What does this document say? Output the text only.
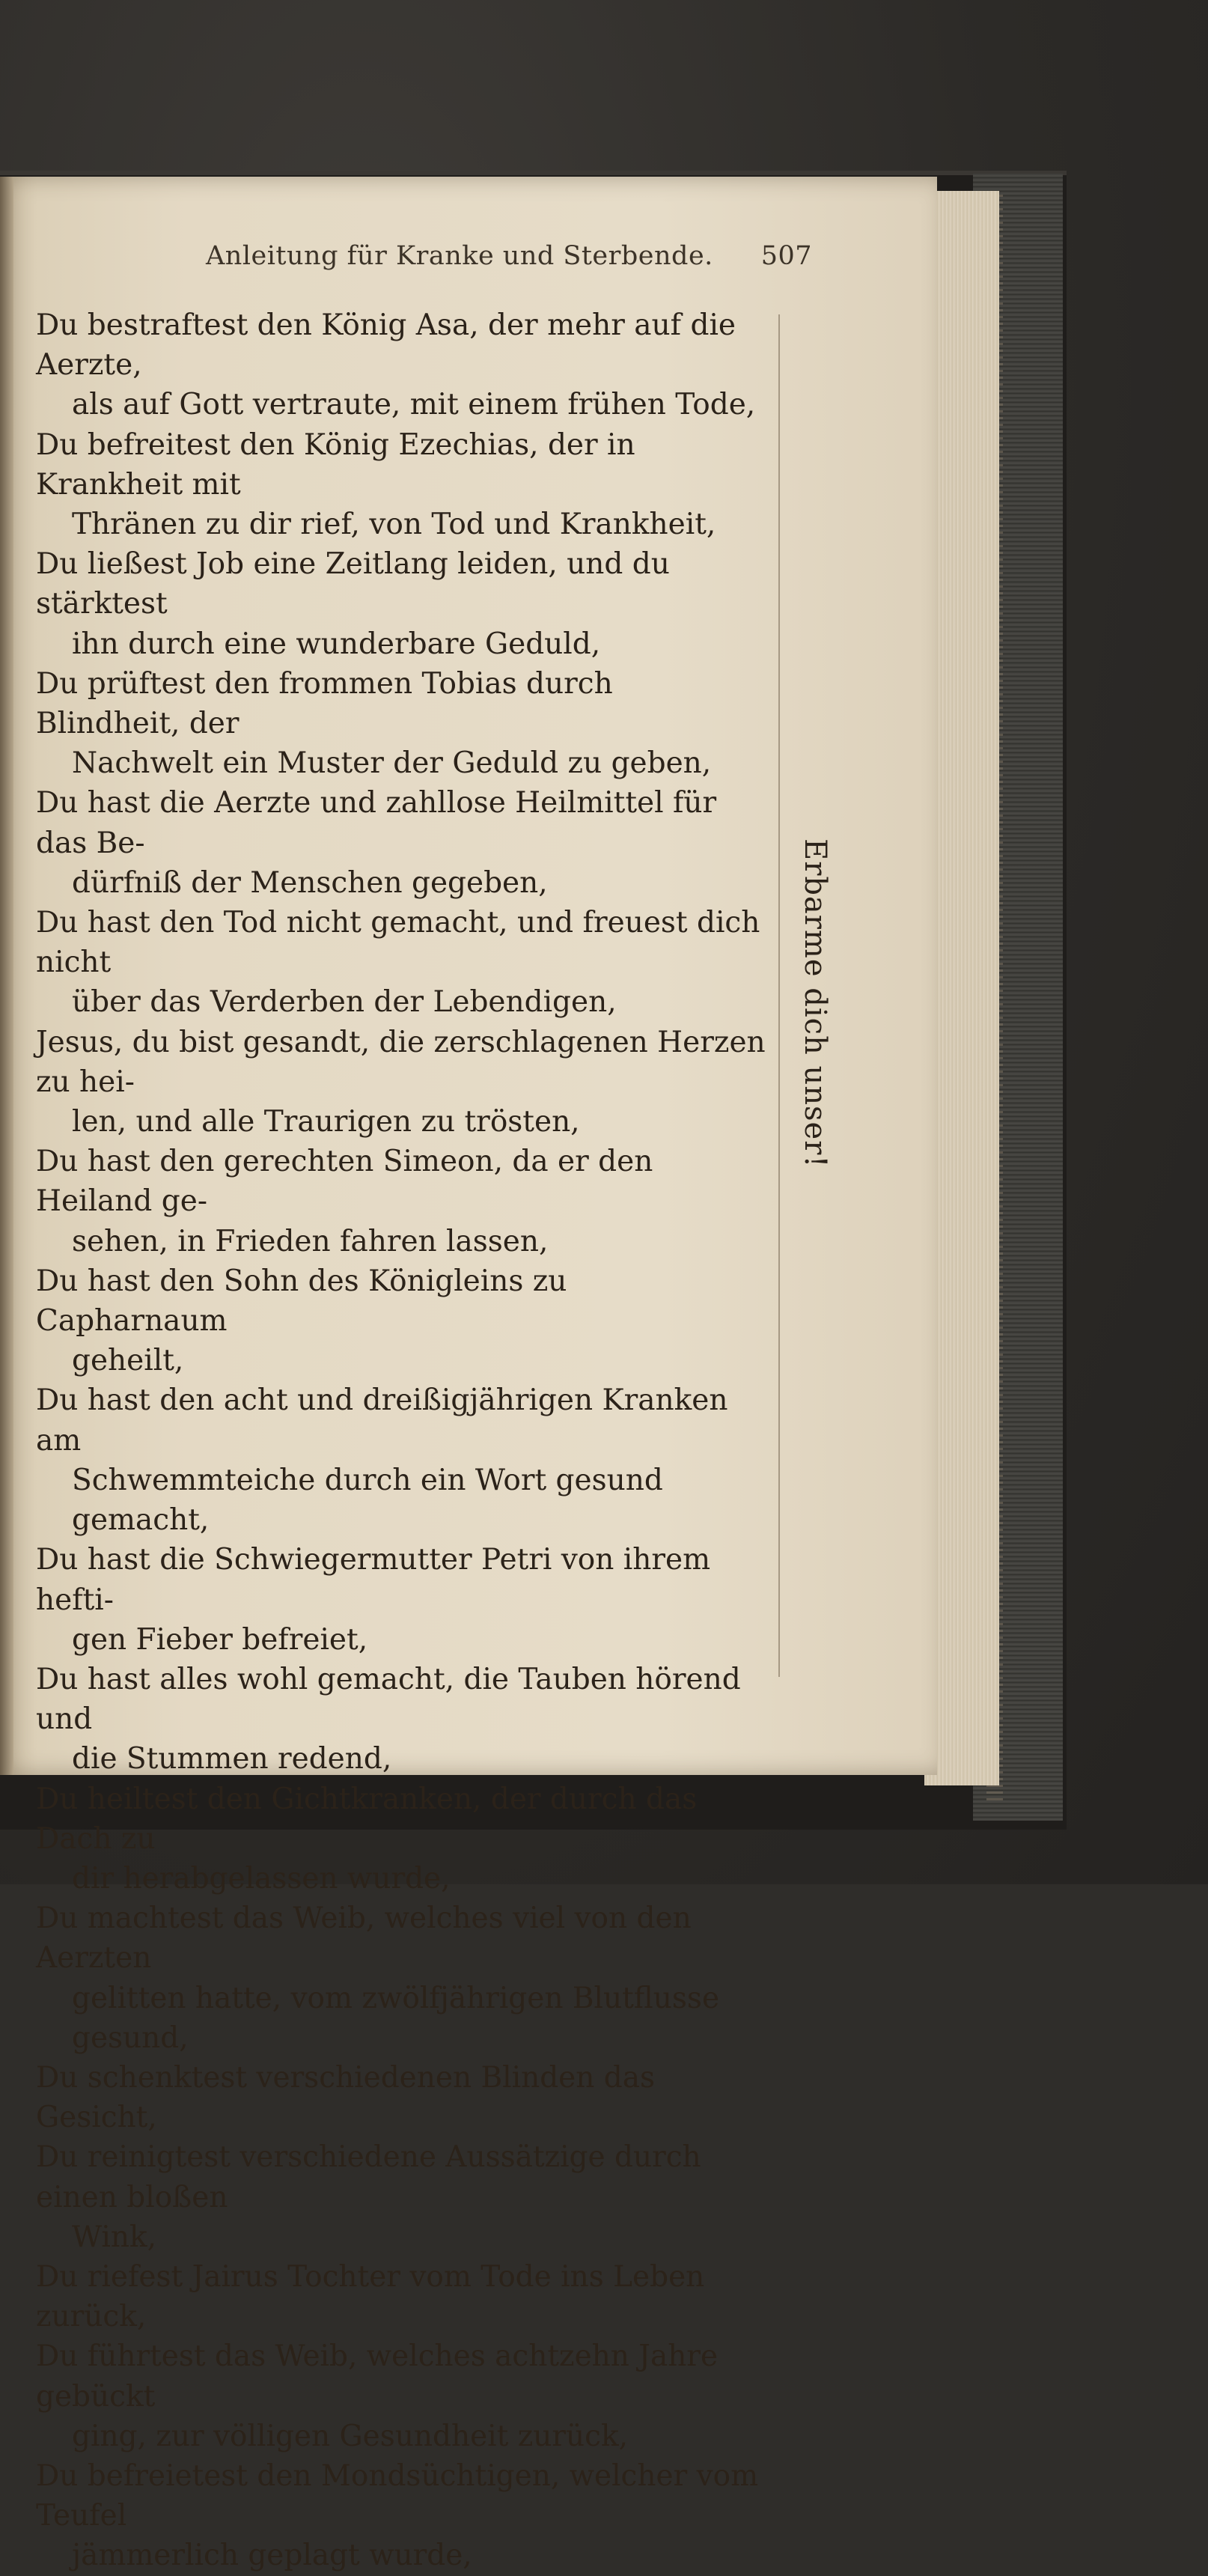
Anleitung für Kranke und Sterbende. 507

Du bestraftest den König Asa, der mehr auf die Aerzte,
als auf Gott vertraute, mit einem frühen Tode,

Du befreitest den König Ezechias, der in Krankheit mit
Thränen zu dir rief, von Tod und Krankheit,

Du ließest Job eine Zeitlang leiden, und du stärktest
ihn durch eine wunderbare Geduld,

Du prüftest den frommen Tobias durch Blindheit, der
Nachwelt ein Muster der Geduld zu geben,

Du hast die Aerzte und zahllose Heilmittel für das Be-
dürfniß der Menschen gegeben,

Du hast den Tod nicht gemacht, und freuest dich nicht
über das Verderben der Lebendigen,

Jesus, du bist gesandt, die zerschlagenen Herzen zu hei-
len, und alle Traurigen zu trösten,

Du hast den gerechten Simeon, da er den Heiland ge-
sehen, in Frieden fahren lassen,

Du hast den Sohn des Königleins zu Capharnaum
geheilt,

Du hast den acht und dreißigjährigen Kranken am
Schwemmteiche durch ein Wort gesund gemacht,

Du hast die Schwiegermutter Petri von ihrem hefti-
gen Fieber befreiet,

Du hast alles wohl gemacht, die Tauben hörend und
die Stummen redend,

Du heiltest den Gichtkranken, der durch das Dach zu
dir herabgelassen wurde,

Du machtest das Weib, welches viel von den Aerzten
gelitten hatte, vom zwölfjährigen Blutflusse gesund,

Du schenktest verschiedenen Blinden das Gesicht,

Du reinigtest verschiedene Aussätzige durch einen bloßen
Wink,

Du riefest Jairus Tochter vom Tode ins Leben zurück,

Du führtest das Weib, welches achtzehn Jahre gebückt
ging, zur völligen Gesundheit zurück,

Du befreietest den Mondsüchtigen, welcher vom Teufel
jämmerlich geplagt wurde,

Erbarme dich unser!
